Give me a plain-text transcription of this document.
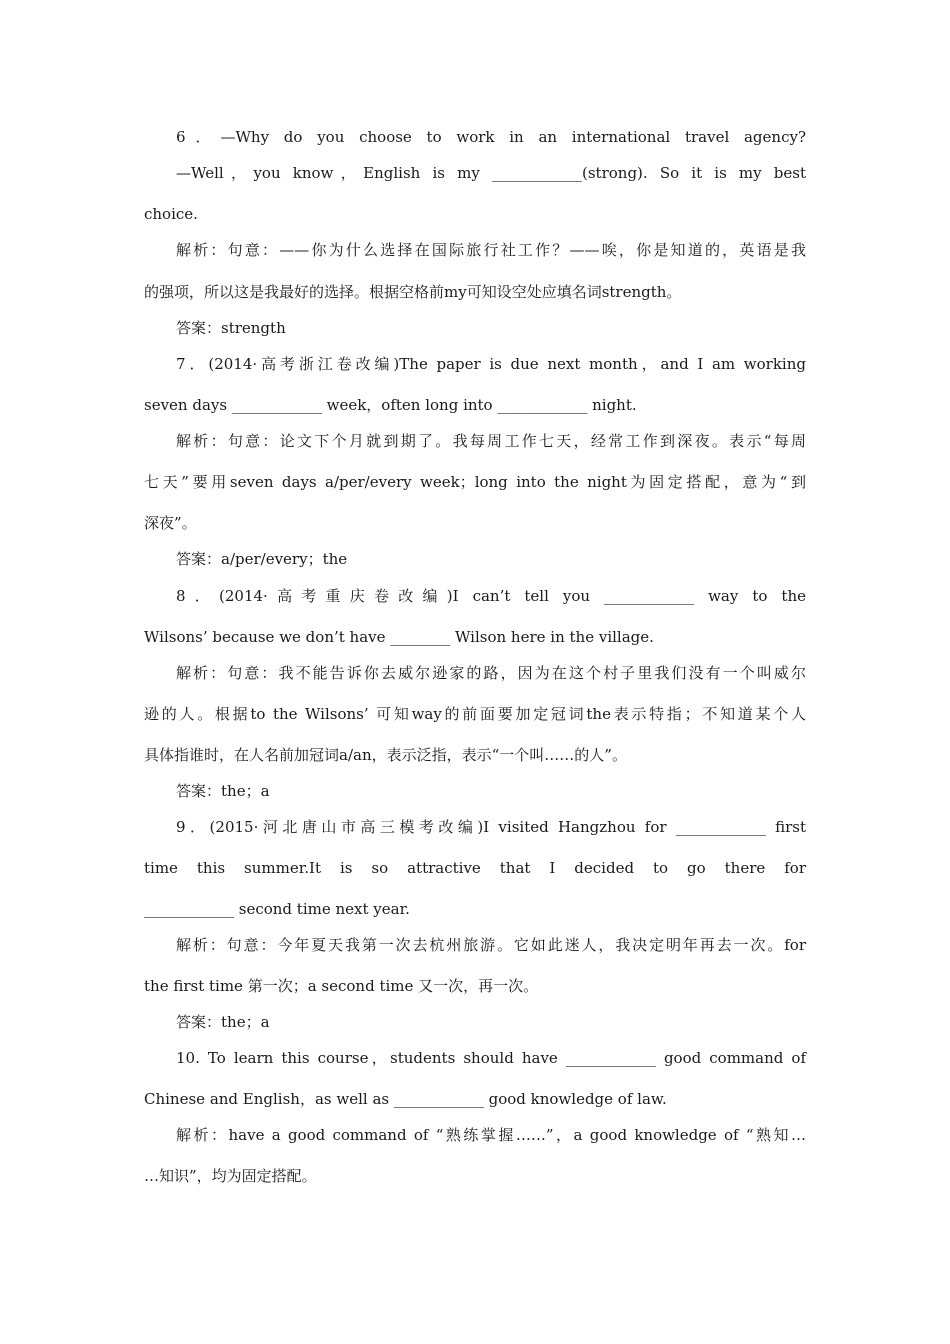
6．—Why do you choose to work in an international travel agency?
—Well，you know，English is my ____________(strong). So it is my best
choice.
解析：句意：——你为什么选择在国际旅行社工作？——唉，你是知道的，英语是我
的强项，所以这是我最好的选择。根据空格前my可知设空处应填名词strength。
答案：strength
7．(2014·高考浙江卷改编)The paper is due next month，and I am working
seven days ____________ week，often long into ____________ night.
解析：句意：论文下个月就到期了。我每周工作七天，经常工作到深夜。表示“每周
七天”要用seven days a/per/every week；long into the night为固定搭配，意为“到
深夜”。
答案：a/per/every；the
8．(2014·高考重庆卷改编)I can’t tell you ____________ way to the
Wilsons’ because we don’t have ________ Wilson here in the village.
解析：句意：我不能告诉你去威尔逊家的路，因为在这个村子里我们没有一个叫威尔
逊的人。根据to the Wilsons’ 可知way的前面要加定冠词the表示特指；不知道某个人
具体指谁时，在人名前加冠词a/an，表示泛指，表示“一个叫……的人”。
答案：the；a
9．(2015·河北唐山市高三模考改编)I visited Hangzhou for ____________ first
time this summer.It is so attractive that I decided to go there for
____________ second time next year.
解析：句意：今年夏天我第一次去杭州旅游。它如此迷人，我决定明年再去一次。for
the first time 第一次；a second time 又一次，再一次。
答案：the；a
10. To learn this course，students should have ____________ good command of
Chinese and English，as well as ____________ good knowledge of law.
解析：have a good command of “熟练掌握……”，a good knowledge of “熟知…
…知识”，均为固定搭配。
